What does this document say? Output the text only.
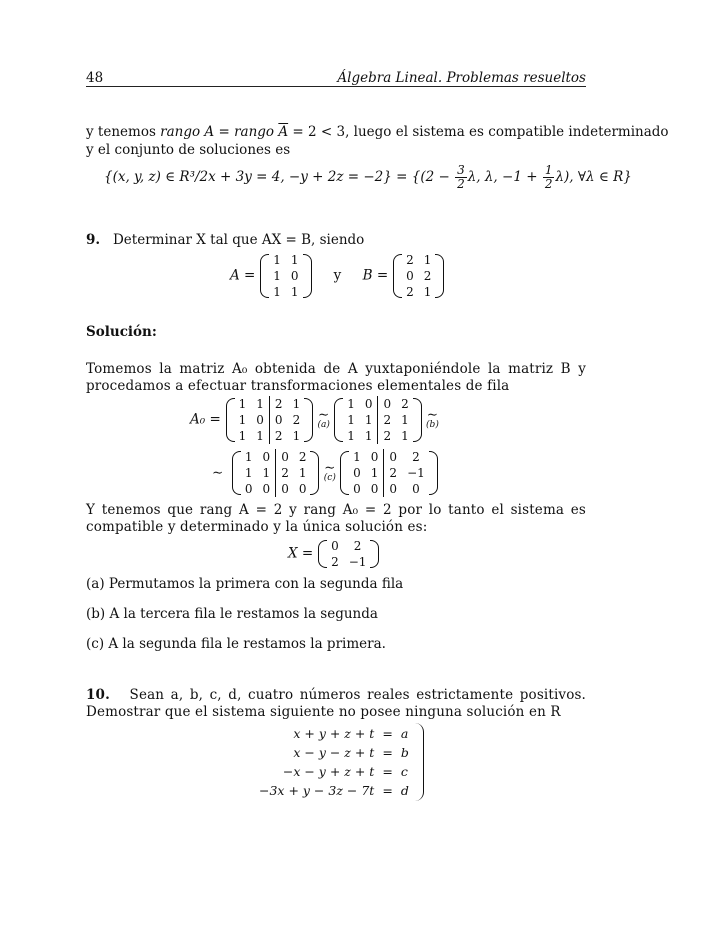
48	Álgebra Lineal. Problemas resueltos
y tenemos rango A = rango $\overline{A} = 2 < 3$, luego el sistema es compatible indeterminado
y el conjunto de soluciones es
{(x, y, z) ∈ R³/2x + 3y = 4, $-y + 2z = -2\} = \{(2 - \frac{3}{2} \lambda$, λ, $-1 + \frac{1}{2} \lambda$), ∀λ ∈ R}
9. Determinar X tal que AX = B, siendo
A =
1	1
1	0
1	1
y B =
2	1
0	2
2	1
Solución:
Tomemos la matriz A₀ obtenida de A yuxtaponiéndole la matriz B y procedamos a efectuar transformaciones elementales de fila
A₀ =
1	1		2	1
1	0		0	2
1	1		2	1

∼
(a)

1	0		0	2
1	1		2	1
1	1		2	1

∼
(b)
∼

1	0		0	2
1	1		2	1
0	0		0	0

∼
(c)

1	0		0	2
0	1		2	−1
0	0		0	0
Y tenemos que rang A = 2 y rang A₀ = 2 por lo tanto el sistema es compatible y determinado y la única solución es:
X = 0	2
2	−1
(a) Permutamos la primera con la segunda fila
(b) A la tercera fila le restamos la segunda
(c) A la segunda fila le restamos la primera.
10. Sean a, b, c, d, cuatro números reales estrictamente positivos. Demostrar que el sistema siguiente no posee ninguna solución en R
x + y + z + t	=	a
x − y − z + t	=	b
−x − y + z + t	=	c
−3x + y − 3z − 7t	=	d
